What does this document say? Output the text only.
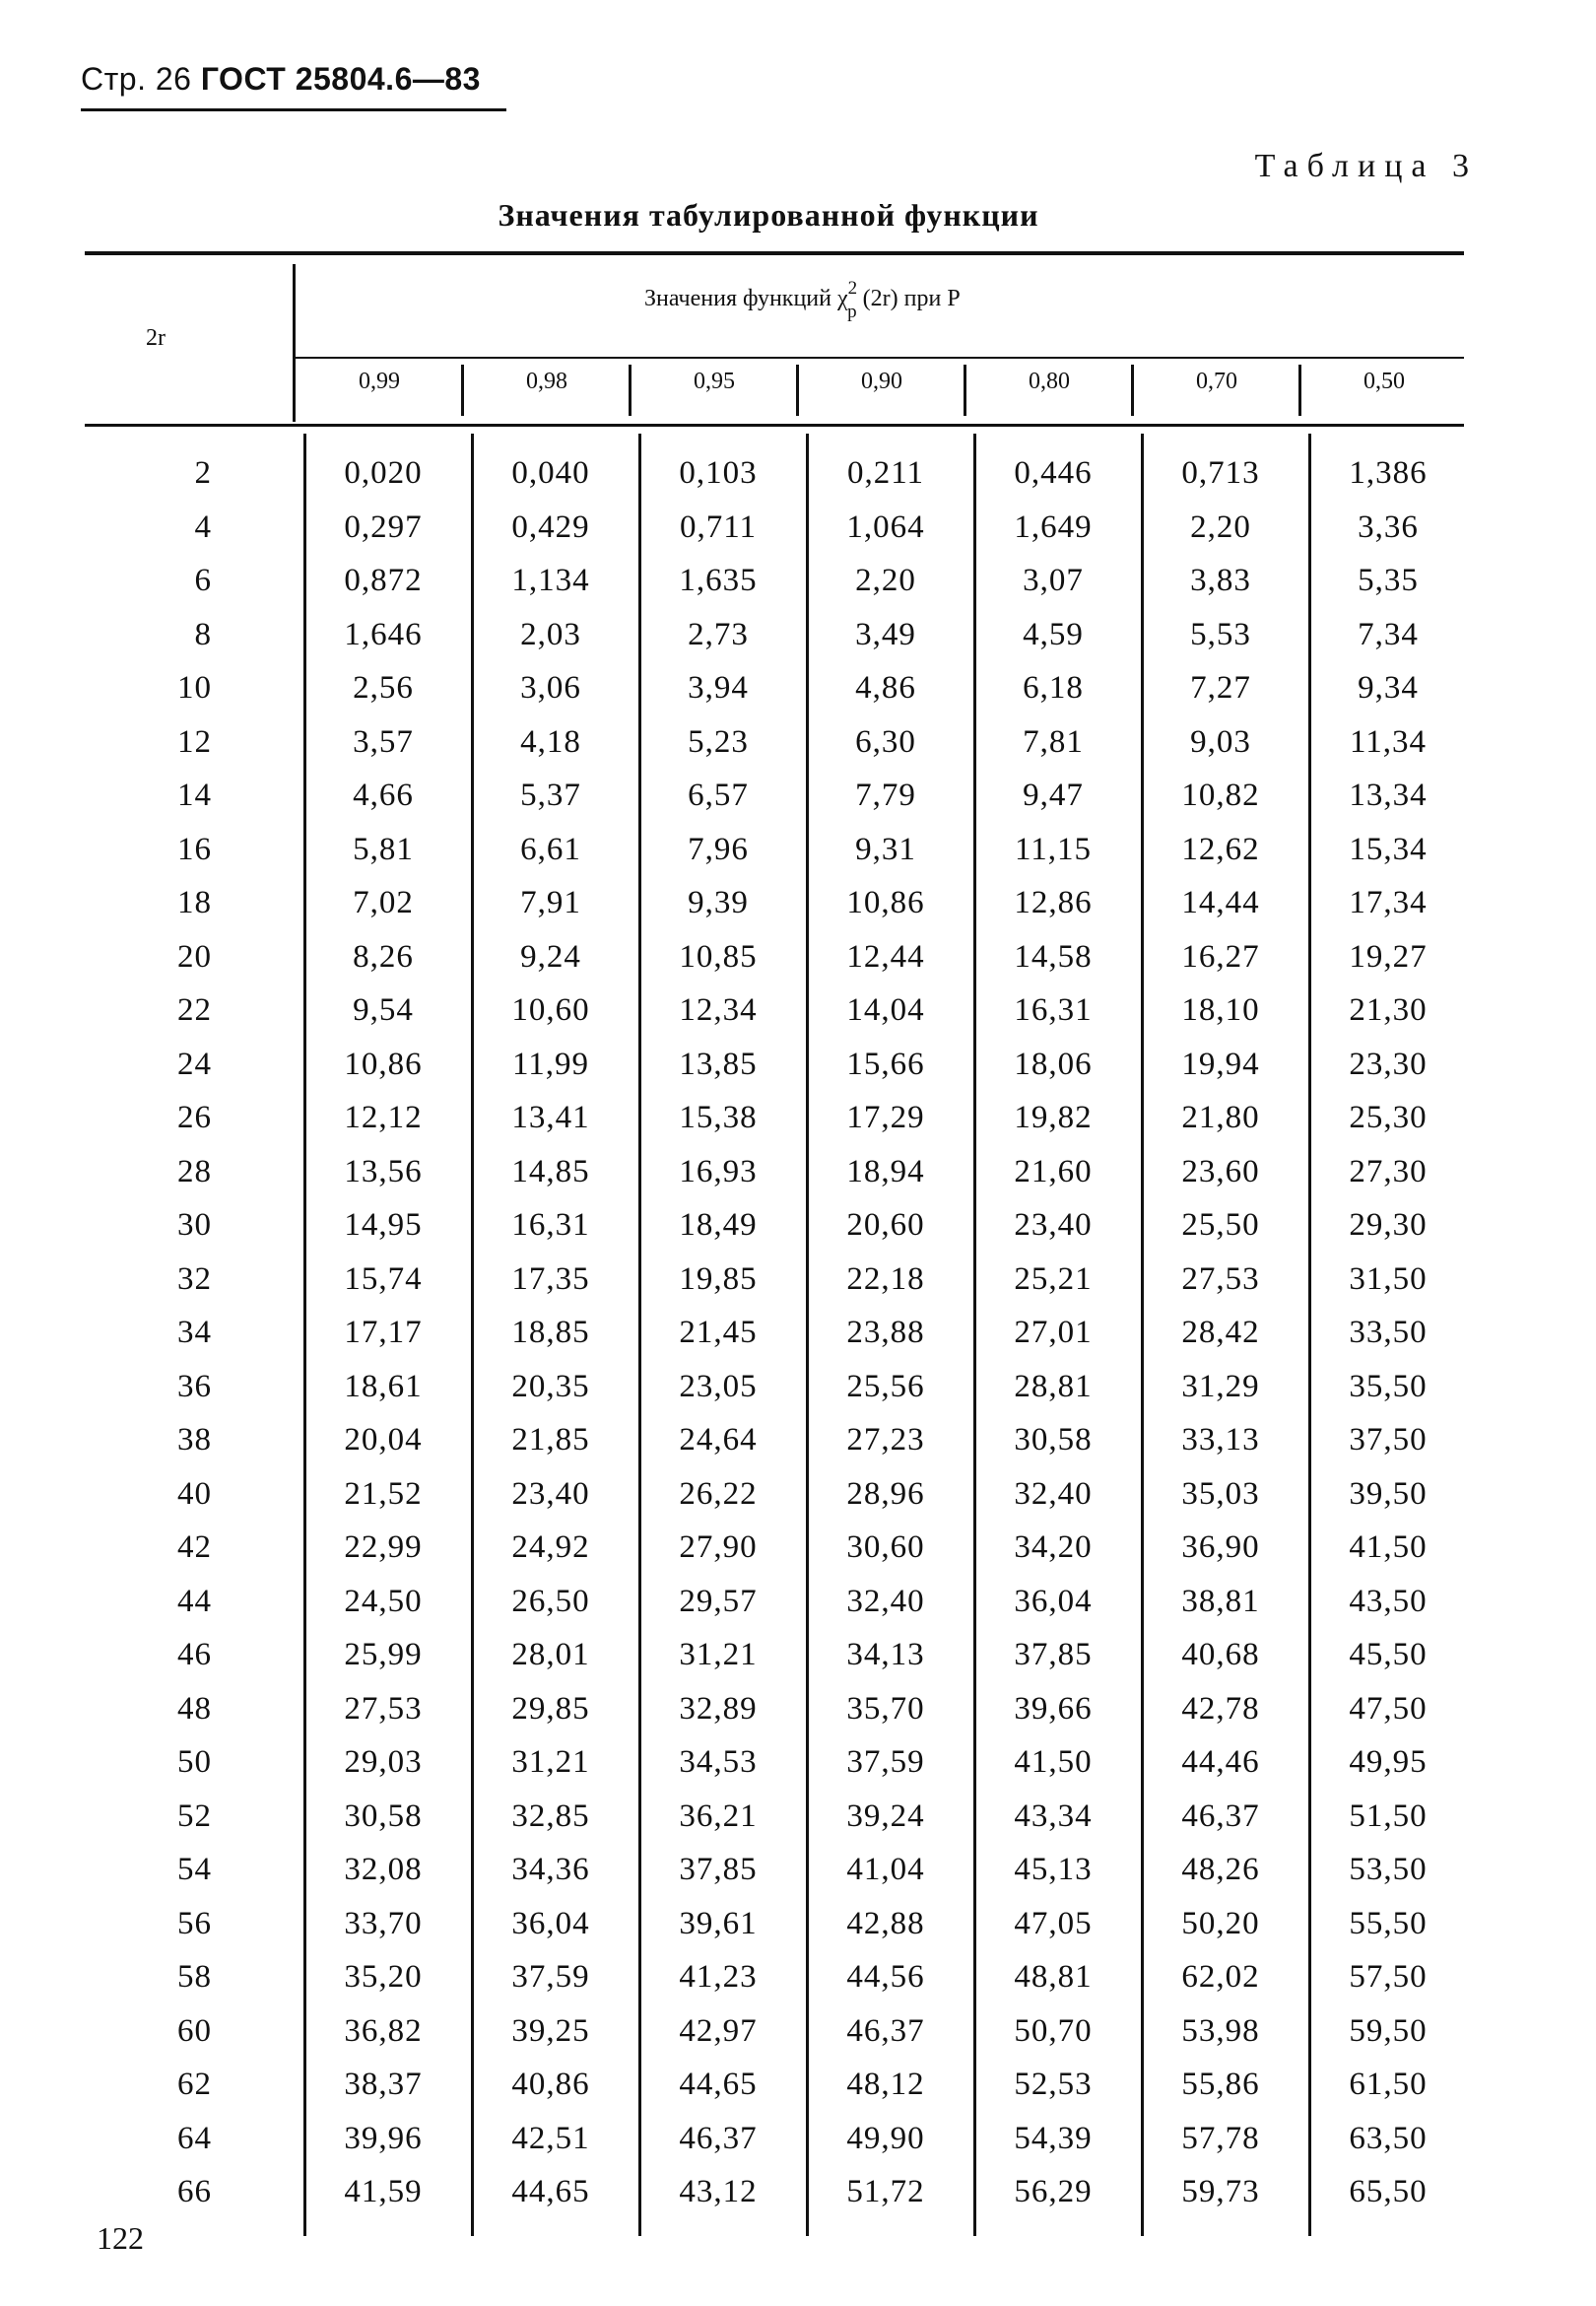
Стр. 26 ГОСТ 25804.6—83
Таблица 3
Значения табулированной функции
2r
Значения функций $\chi^2_p$ (2r) при P
0,99	0,98	0,95	0,90	0,80	0,70	0,50
2	0,020	0,040	0,103	0,211	0,446	0,713	1,386
4	0,297	0,429	0,711	1,064	1,649	2,20	3,36
6	0,872	1,134	1,635	2,20	3,07	3,83	5,35
8	1,646	2,03	2,73	3,49	4,59	5,53	7,34
10	2,56	3,06	3,94	4,86	6,18	7,27	9,34
12	3,57	4,18	5,23	6,30	7,81	9,03	11,34
14	4,66	5,37	6,57	7,79	9,47	10,82	13,34
16	5,81	6,61	7,96	9,31	11,15	12,62	15,34
18	7,02	7,91	9,39	10,86	12,86	14,44	17,34
20	8,26	9,24	10,85	12,44	14,58	16,27	19,27
22	9,54	10,60	12,34	14,04	16,31	18,10	21,30
24	10,86	11,99	13,85	15,66	18,06	19,94	23,30
26	12,12	13,41	15,38	17,29	19,82	21,80	25,30
28	13,56	14,85	16,93	18,94	21,60	23,60	27,30
30	14,95	16,31	18,49	20,60	23,40	25,50	29,30
32	15,74	17,35	19,85	22,18	25,21	27,53	31,50
34	17,17	18,85	21,45	23,88	27,01	28,42	33,50
36	18,61	20,35	23,05	25,56	28,81	31,29	35,50
38	20,04	21,85	24,64	27,23	30,58	33,13	37,50
40	21,52	23,40	26,22	28,96	32,40	35,03	39,50
42	22,99	24,92	27,90	30,60	34,20	36,90	41,50
44	24,50	26,50	29,57	32,40	36,04	38,81	43,50
46	25,99	28,01	31,21	34,13	37,85	40,68	45,50
48	27,53	29,85	32,89	35,70	39,66	42,78	47,50
50	29,03	31,21	34,53	37,59	41,50	44,46	49,95
52	30,58	32,85	36,21	39,24	43,34	46,37	51,50
54	32,08	34,36	37,85	41,04	45,13	48,26	53,50
56	33,70	36,04	39,61	42,88	47,05	50,20	55,50
58	35,20	37,59	41,23	44,56	48,81	62,02	57,50
60	36,82	39,25	42,97	46,37	50,70	53,98	59,50
62	38,37	40,86	44,65	48,12	52,53	55,86	61,50
64	39,96	42,51	46,37	49,90	54,39	57,78	63,50
66	41,59	44,65	43,12	51,72	56,29	59,73	65,50
122
